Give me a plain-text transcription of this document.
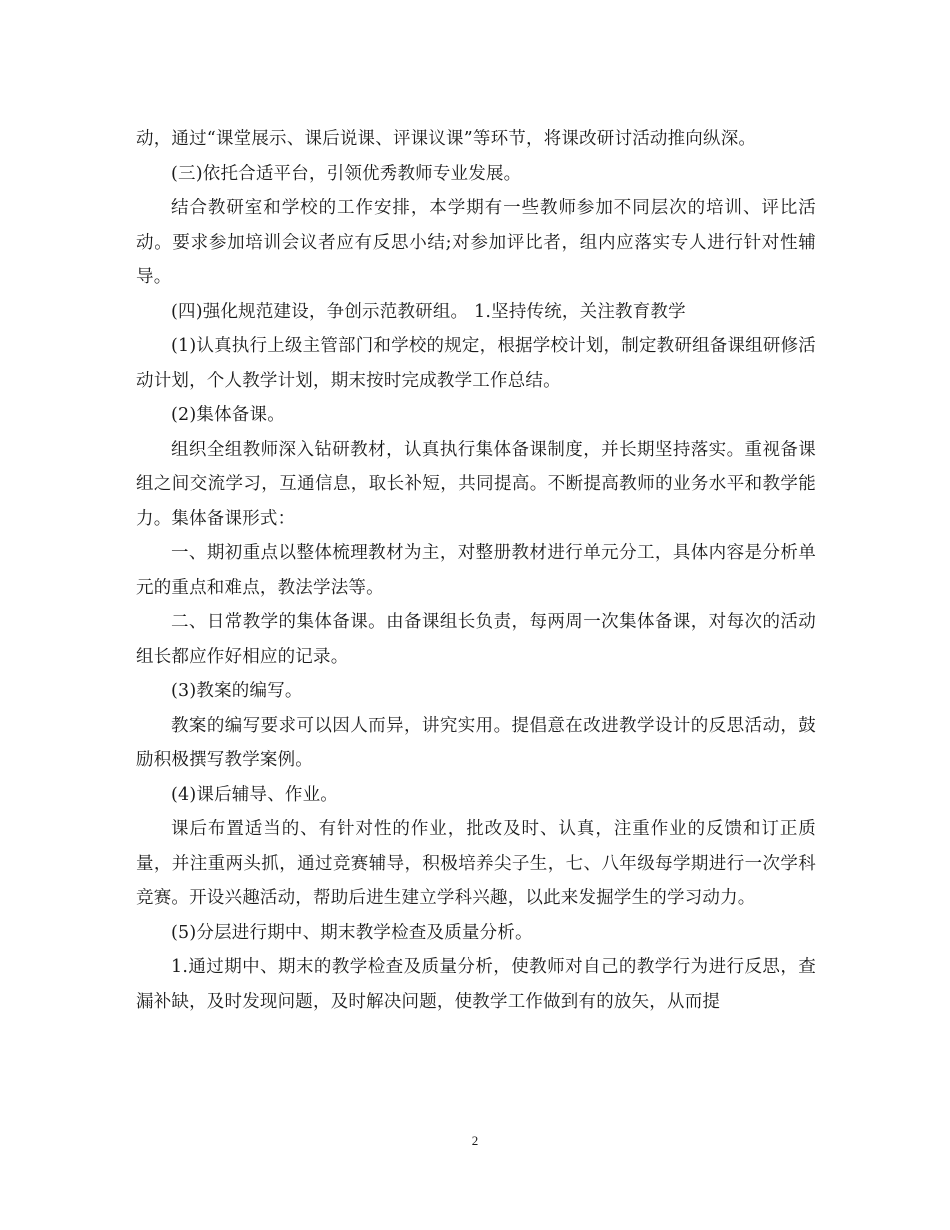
动，通过“课堂展示、课后说课、评课议课”等环节，将课改研讨活动推向纵深。

(三)依托合适平台，引领优秀教师专业发展。

结合教研室和学校的工作安排，本学期有一些教师参加不同层次的培训、评比活动。要求参加培训会议者应有反思小结;对参加评比者，组内应落实专人进行针对性辅导。

(四)强化规范建设，争创示范教研组。 1.坚持传统，关注教育教学

(1)认真执行上级主管部门和学校的规定，根据学校计划，制定教研组备课组研修活动计划，个人教学计划，期末按时完成教学工作总结。

(2)集体备课。

组织全组教师深入钻研教材，认真执行集体备课制度，并长期坚持落实。重视备课组之间交流学习，互通信息，取长补短，共同提高。不断提高教师的业务水平和教学能力。集体备课形式：

一、期初重点以整体梳理教材为主，对整册教材进行单元分工，具体内容是分析单元的重点和难点，教法学法等。

二、日常教学的集体备课。由备课组长负责，每两周一次集体备课，对每次的活动组长都应作好相应的记录。

(3)教案的编写。

教案的编写要求可以因人而异，讲究实用。提倡意在改进教学设计的反思活动，鼓励积极撰写教学案例。

(4)课后辅导、作业。

课后布置适当的、有针对性的作业，批改及时、认真，注重作业的反馈和订正质量，并注重两头抓，通过竞赛辅导，积极培养尖子生，七、八年级每学期进行一次学科竞赛。开设兴趣活动，帮助后进生建立学科兴趣，以此来发掘学生的学习动力。

(5)分层进行期中、期末教学检查及质量分析。

1.通过期中、期末的教学检查及质量分析，使教师对自己的教学行为进行反思，查漏补缺，及时发现问题，及时解决问题，使教学工作做到有的放矢，从而提

2
